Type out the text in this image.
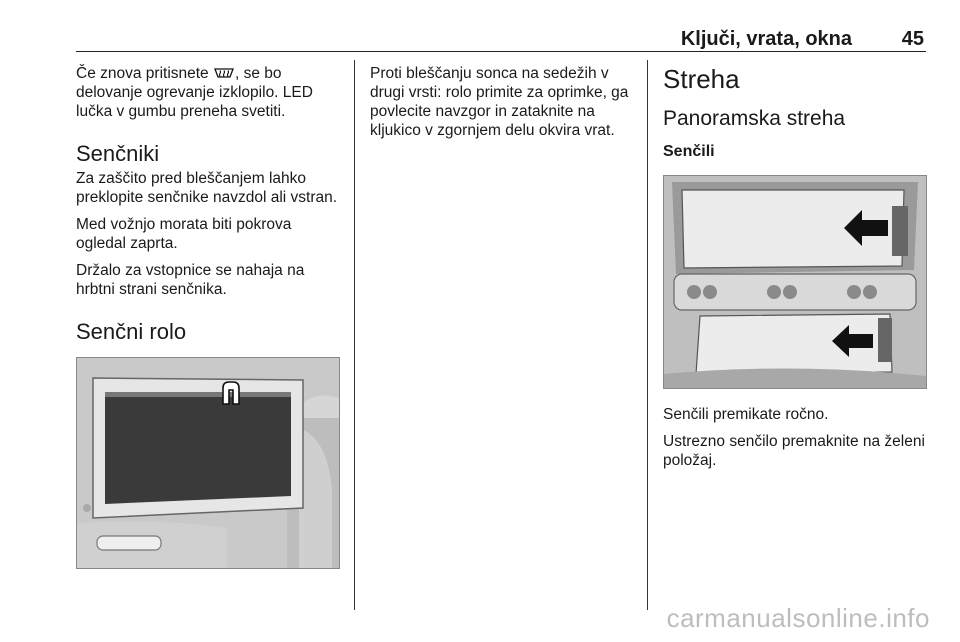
Ključi, vrata, okna 45

Če znova pritisnete , se bo delovanje ogrevanje izklopilo. LED lučka v gumbu preneha svetiti.

Senčniki

Za zaščito pred bleščanjem lahko preklopite senčnike navzdol ali vstran.

Med vožnjo morata biti pokrova ogledal zaprta.

Držalo za vstopnice se nahaja na hrbtni strani senčnika.

Senčni rolo

Proti bleščanju sonca na sedežih v drugi vrsti: rolo primite za oprimke, ga povlecite navzgor in zataknite na kljukico v zgornjem delu okvira vrat.

Streha
Panoramska streha
Senčili

Senčili premikate ročno.

Ustrezno senčilo premaknite na želeni položaj.

carmanualsonline.info
